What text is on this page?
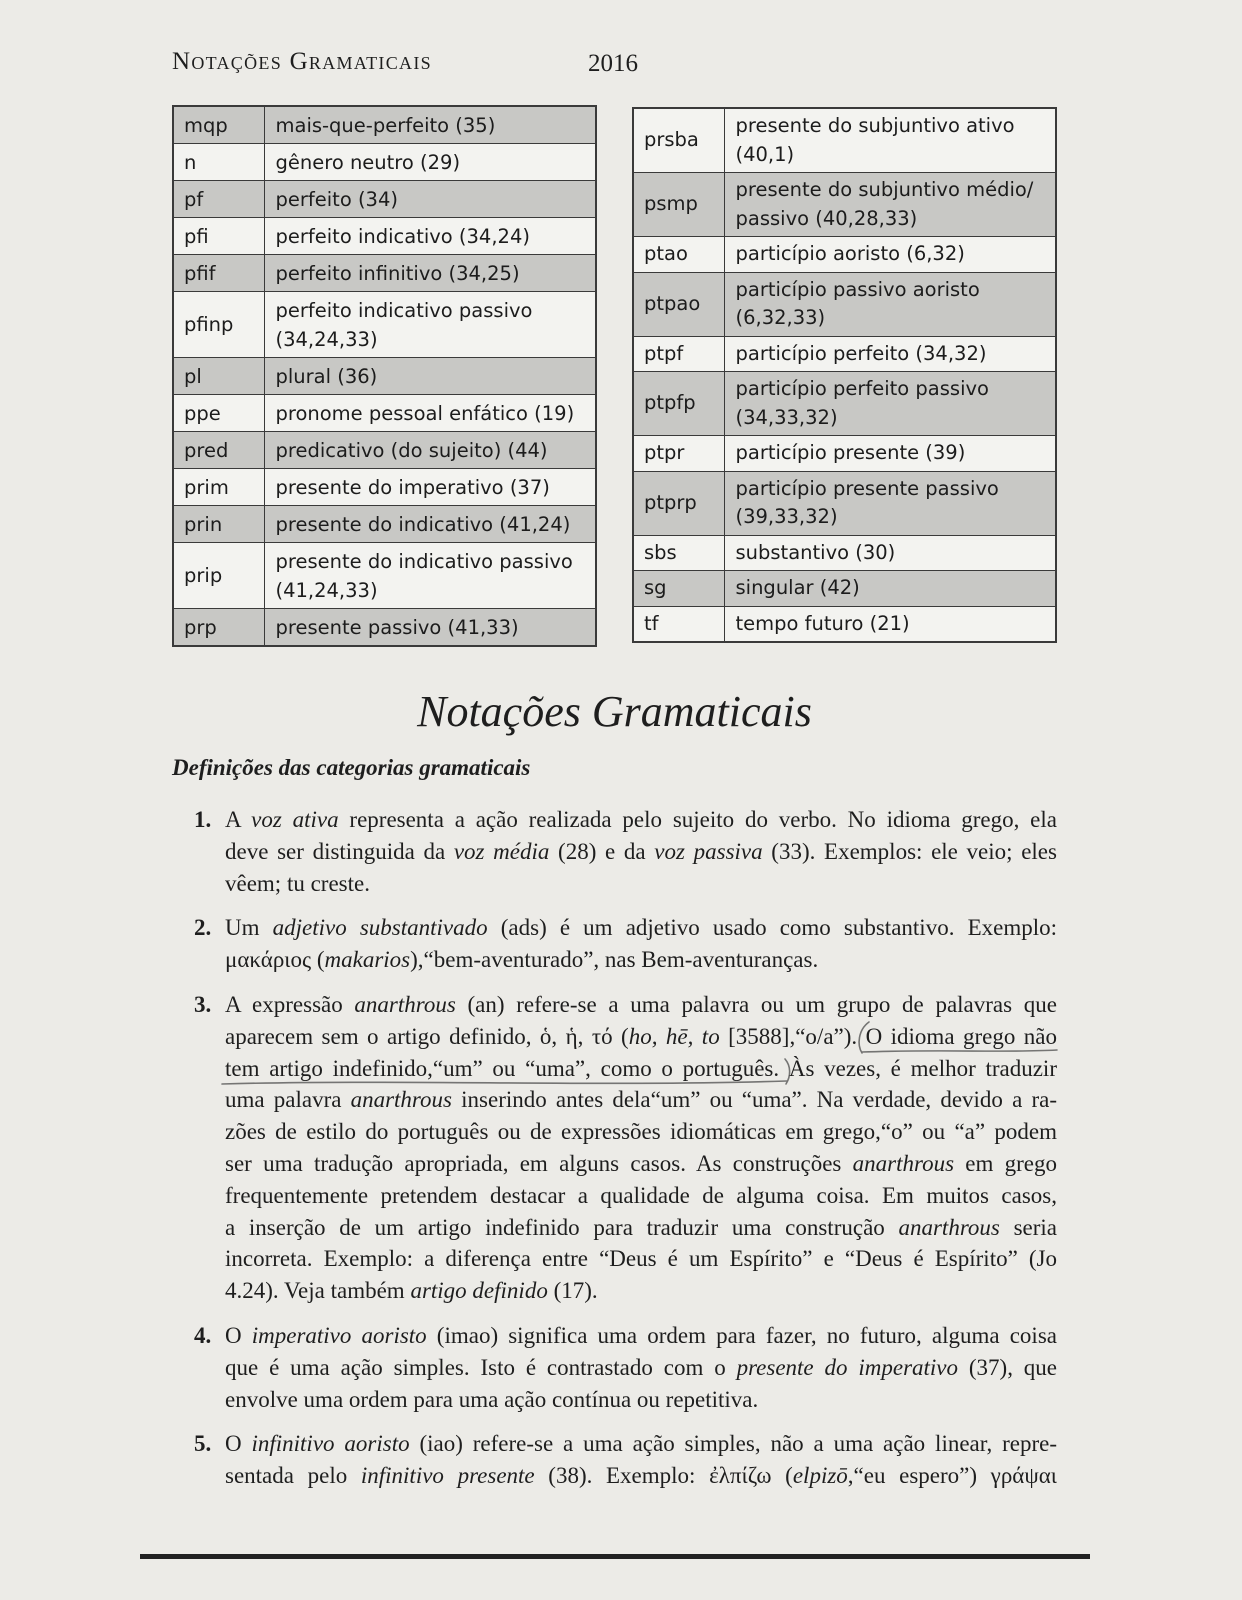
Notações Gramaticais	2016
mqp	mais-que-perfeito (35)

n	gênero neutro (29)

pf	perfeito (34)

pfi	perfeito indicativo (34,24)

pfif	perfeito infinitivo (34,25)

pfinp	perfeito indicativo passivo
(34,24,33)

pl	plural (36)

ppe	pronome pessoal enfático (19)

pred	predicativo (do sujeito) (44)

prim	presente do imperativo (37)

prin	presente do indicativo (41,24)

prip	presente do indicativo passivo
(41,24,33)

prp	presente passivo (41,33)
prsba	presente do subjuntivo ativo
(40,1)

psmp	presente do subjuntivo médio/
passivo (40,28,33)

ptao	particípio aoristo (6,32)

ptpao	particípio passivo aoristo
(6,32,33)

ptpf	particípio perfeito (34,32)

ptpfp	particípio perfeito passivo
(34,33,32)

ptpr	particípio presente (39)

ptprp	particípio presente passivo
(39,33,32)

sbs	substantivo (30)

sg	singular (42)

tf	tempo futuro (21)
Notações Gramaticais
Definições das categorias gramaticais
1. A voz ativa representa a ação realizada pelo sujeito do verbo. No idioma grego, ela
deve ser distinguida da voz média (28) e da voz passiva (33). Exemplos: ele veio; eles
vêem; tu creste.
2. Um adjetivo substantivado (ads) é um adjetivo usado como substantivo. Exemplo:
μακάριος (makarios),“bem-aventurado”, nas Bem-aventuranças.
3. A expressão anarthrous (an) refere-se a uma palavra ou um grupo de palavras que
aparecem sem o artigo definido, ὁ, ἡ, τό (ho, hē, to [3588],“o/a”). O idioma grego não
tem artigo indefinido,“um” ou “uma”, como o português. Às vezes, é melhor traduzir
uma palavra anarthrous inserindo antes dela“um” ou “uma”. Na verdade, devido a ra-
zões de estilo do português ou de expressões idiomáticas em grego,“o” ou “a” podem
ser uma tradução apropriada, em alguns casos. As construções anarthrous em grego
frequentemente pretendem destacar a qualidade de alguma coisa. Em muitos casos,
a inserção de um artigo indefinido para traduzir uma construção anarthrous seria
incorreta. Exemplo: a diferença entre “Deus é um Espírito” e “Deus é Espírito” (Jo
4.24). Veja também artigo definido (17).
4. O imperativo aoristo (imao) significa uma ordem para fazer, no futuro, alguma coisa
que é uma ação simples. Isto é contrastado com o presente do imperativo (37), que
envolve uma ordem para uma ação contínua ou repetitiva.
5. O infinitivo aoristo (iao) refere-se a uma ação simples, não a uma ação linear, repre-
sentada pelo infinitivo presente (38). Exemplo: ἐλπίζω (elpizō,“eu espero”) γράψαι
